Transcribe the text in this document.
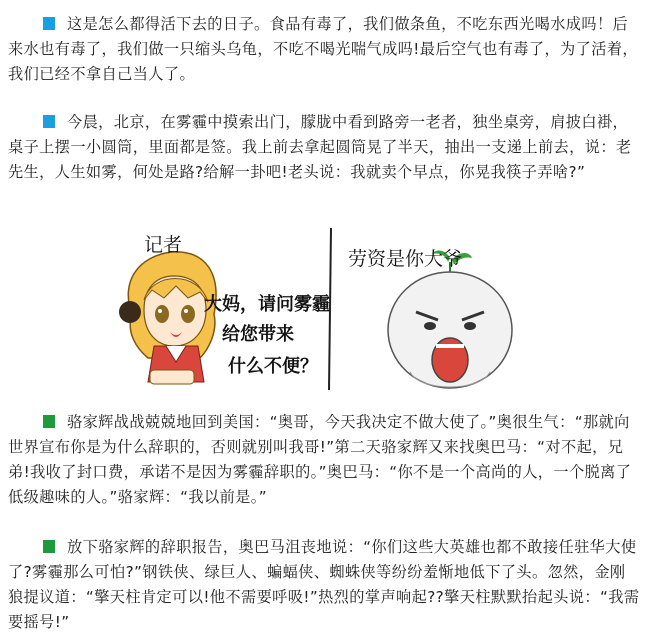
这是怎么都得活下去的日子。食品有毒了，我们做条鱼，不吃东西光喝水成吗！后来水也有毒了，我们做一只缩头乌龟，不吃不喝光喘气成吗!最后空气也有毒了，为了活着，我们已经不拿自己当人了。

今晨，北京，在雾霾中摸索出门，朦胧中看到路旁一老者，独坐桌旁，肩披白褂，桌子上摆一小圆筒，里面都是签。我上前去拿起圆筒晃了半天，抽出一支递上前去，说：老先生，人生如雾，何处是路?给解一卦吧!老头说：我就卖个早点，你晃我筷子弄啥?”

记者
劳资是你大爷
大妈，请问雾霾
给您带来
什么不便？

骆家辉战战兢兢地回到美国：“奥哥，今天我决定不做大使了。”奥很生气：“那就向世界宣布你是为什么辞职的，否则就别叫我哥!”第二天骆家辉又来找奥巴马：“对不起，兄弟!我收了封口费，承诺不是因为雾霾辞职的。”奥巴马：“你不是一个高尚的人，一个脱离了低级趣味的人。”骆家辉：“我以前是。”

放下骆家辉的辞职报告，奥巴马沮丧地说：“你们这些大英雄也都不敢接任驻华大使了?雾霾那么可怕?”钢铁侠、绿巨人、蝙蝠侠、蜘蛛侠等纷纷羞惭地低下了头。忽然，金刚狼提议道：“擎天柱肯定可以!他不需要呼吸!”热烈的掌声响起??擎天柱默默抬起头说：“我需要摇号!”
